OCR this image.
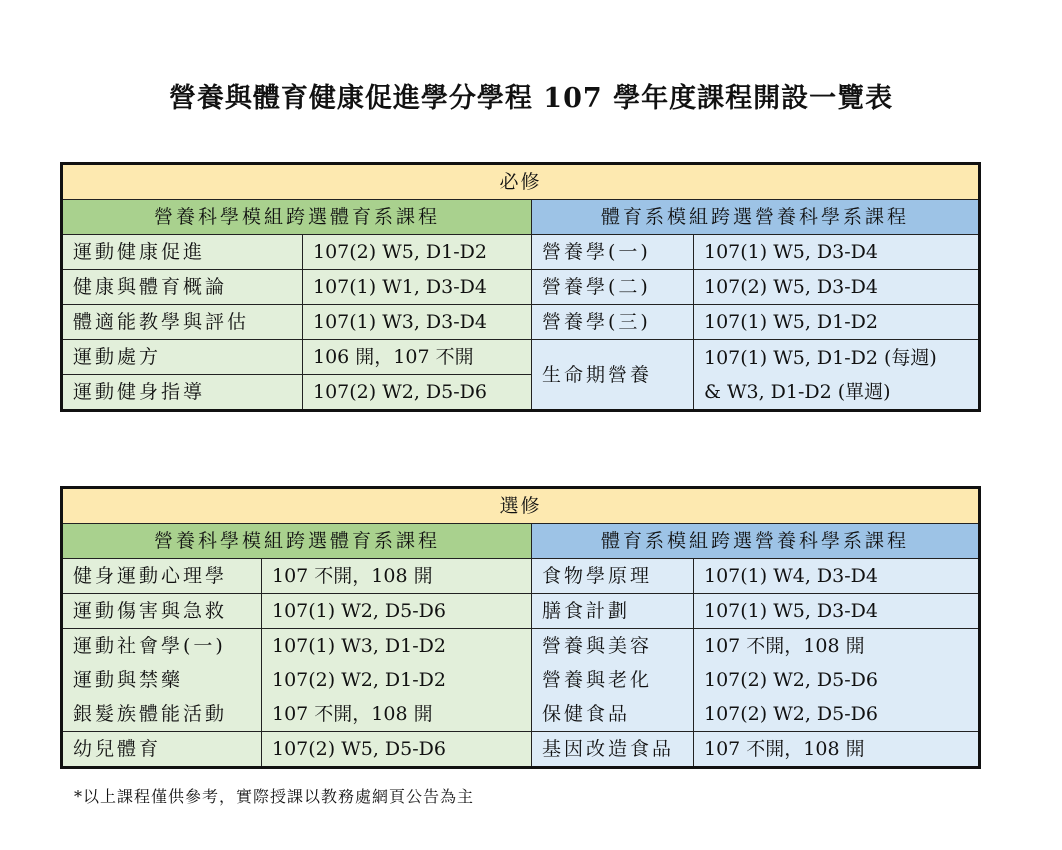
營養與體育健康促進學分學程 107 學年度課程開設一覽表
必修			
營養科學模組跨選體育系課程		體育系模組跨選營養科學系課程	
運動健康促進	107(2) W5, D1-D2	營養學(一)	107(1) W5, D3-D4
健康與體育概論	107(1) W1, D3-D4	營養學(二)	107(2) W5, D3-D4
體適能教學與評估	107(1) W3, D3-D4	營養學(三)	107(1) W5, D1-D2
運動處方	106 開，107 不開	生命期營養	107(1) W5, D1-D2 (每週)
& W3, D1-D2 (單週)

運動健身指導	107(2) W2, D5-D6		
選修			
營養科學模組跨選體育系課程		體育系模組跨選營養科學系課程	
健身運動心理學	107 不開，108 開	食物學原理	107(1) W4, D3-D4
運動傷害與急救	107(1) W2, D5-D6	膳食計劃	107(1) W5, D3-D4
運動社會學(一)	107(1) W3, D1-D2	營養與美容	107 不開，108 開
運動與禁藥	107(2) W2, D1-D2	營養與老化	107(2) W2, D5-D6
銀髮族體能活動	107 不開，108 開	保健食品	107(2) W2, D5-D6
幼兒體育	107(2) W5, D5-D6	基因改造食品	107 不開，108 開
*以上課程僅供參考，實際授課以教務處網頁公告為主
